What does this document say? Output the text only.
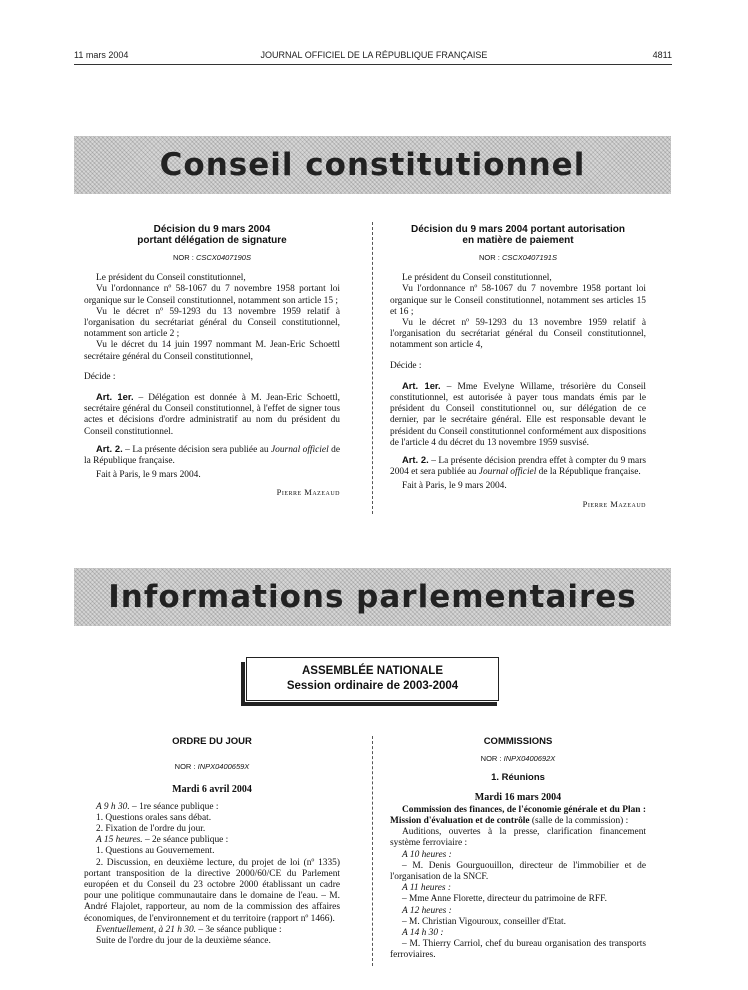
11 mars 2004	JOURNAL OFFICIEL DE LA RÉPUBLIQUE FRANÇAISE	4811
Conseil constitutionnel
Décision du 9 mars 2004
portant délégation de signature
NOR : CSCX0407190S

Le président du Conseil constitutionnel,

Vu l'ordonnance nº 58-1067 du 7 novembre 1958 portant loi organique sur le Conseil constitutionnel, notamment son article 15 ;

Vu le décret nº 59-1293 du 13 novembre 1959 relatif à l'organisation du secrétariat général du Conseil constitutionnel, notamment son article 2 ;

Vu le décret du 14 juin 1997 nommant M. Jean-Eric Schoettl secrétaire général du Conseil constitutionnel,

Décide :

Art. 1er. – Délégation est donnée à M. Jean-Eric Schoettl, secrétaire général du Conseil constitutionnel, à l'effet de signer tous actes et décisions d'ordre administratif au nom du président du Conseil constitutionnel.

Art. 2. – La présente décision sera publiée au Journal officiel de la République française.

Fait à Paris, le 9 mars 2004.

Pierre Mazeaud
Décision du 9 mars 2004 portant autorisation
en matière de paiement
NOR : CSCX0407191S

Le président du Conseil constitutionnel,

Vu l'ordonnance nº 58-1067 du 7 novembre 1958 portant loi organique sur le Conseil constitutionnel, notamment ses articles 15 et 16 ;

Vu le décret nº 59-1293 du 13 novembre 1959 relatif à l'organisation du secrétariat général du Conseil constitutionnel, notamment son article 4,

Décide :

Art. 1er. – Mme Evelyne Willame, trésorière du Conseil constitutionnel, est autorisée à payer tous mandats émis par le président du Conseil constitutionnel ou, sur délégation de ce dernier, par le secrétaire général. Elle est responsable devant le président du Conseil constitutionnel conformément aux dispositions de l'article 4 du décret du 13 novembre 1959 susvisé.

Art. 2. – La présente décision prendra effet à compter du 9 mars 2004 et sera publiée au Journal officiel de la République française.

Fait à Paris, le 9 mars 2004.

Pierre Mazeaud
Informations parlementaires
ASSEMBLÉE NATIONALE
Session ordinaire de 2003-2004
ORDRE DU JOUR
NOR : INPX0400659X
Mardi 6 avril 2004

A 9 h 30. – 1re séance publique :

1. Questions orales sans débat.

2. Fixation de l'ordre du jour.

A 15 heures. – 2e séance publique :

1. Questions au Gouvernement.

2. Discussion, en deuxième lecture, du projet de loi (nº 1335) portant transposition de la directive 2000/60/CE du Parlement européen et du Conseil du 23 octobre 2000 établissant un cadre pour une politique communautaire dans le domaine de l'eau. – M. André Flajolet, rapporteur, au nom de la commission des affaires économiques, de l'environnement et du territoire (rapport nº 1466).

Eventuellement, à 21 h 30. – 3e séance publique :

Suite de l'ordre du jour de la deuxième séance.

COMMISSIONS
NOR : INPX0400692X
1. Réunions
Mardi 16 mars 2004

Commission des finances, de l'économie générale et du Plan : Mission d'évaluation et de contrôle (salle de la commission) :

Auditions, ouvertes à la presse, clarification financement système ferroviaire :

A 10 heures :

– M. Denis Gourguouillon, directeur de l'immobilier et de l'organisation de la SNCF.

A 11 heures :

– Mme Anne Florette, directeur du patrimoine de RFF.

A 12 heures :

– M. Christian Vigouroux, conseiller d'Etat.

A 14 h 30 :

– M. Thierry Carriol, chef du bureau organisation des transports ferroviaires.
